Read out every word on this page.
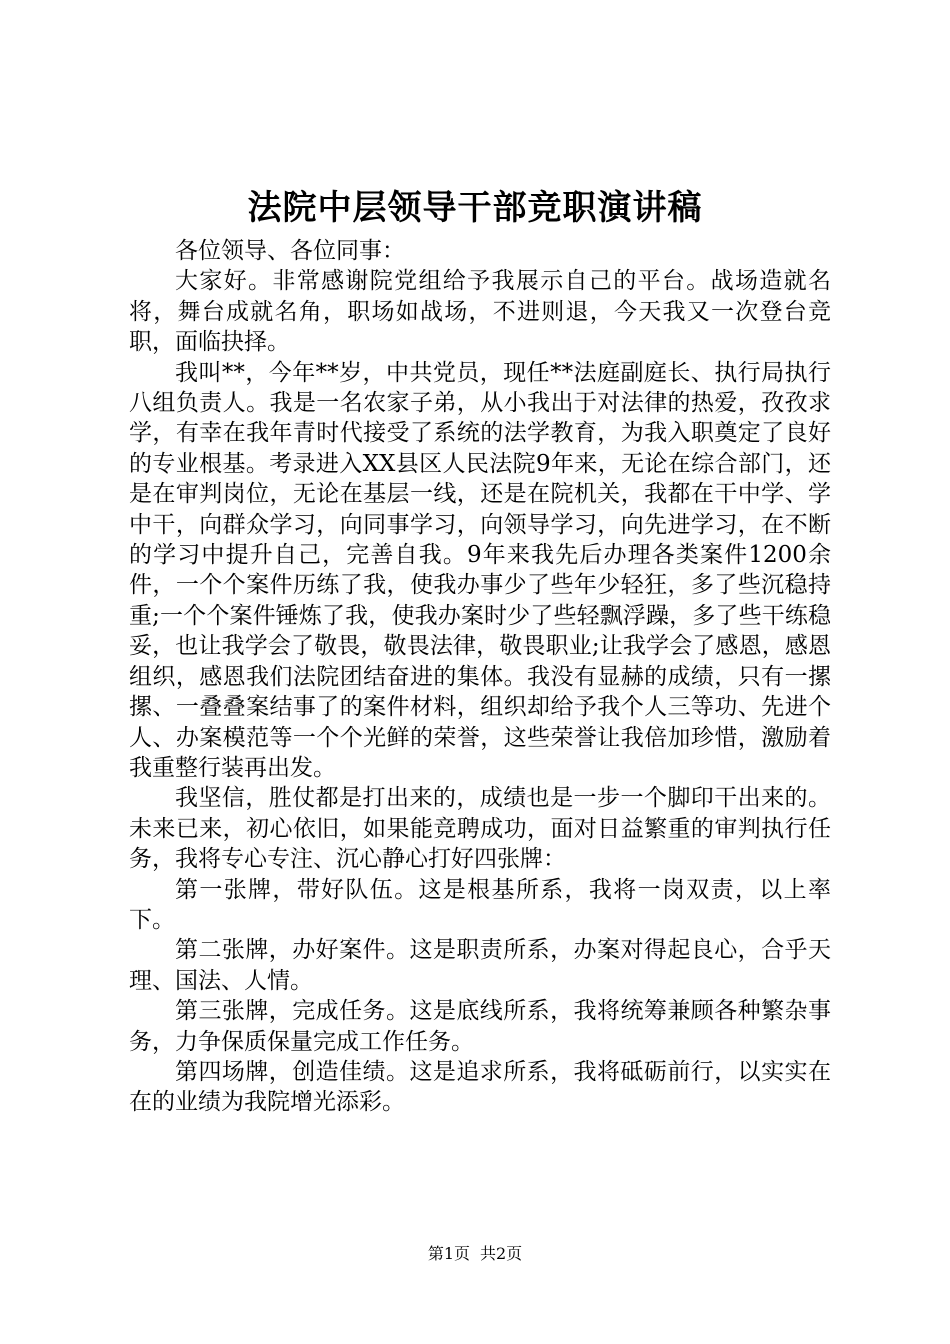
法院中层领导干部竞职演讲稿

各位领导、各位同事：

大家好。非常感谢院党组给予我展示自己的平台。战场造就名将，舞台成就名角，职场如战场，不进则退，今天我又一次登台竞职，面临抉择。

我叫**，今年**岁，中共党员，现任**法庭副庭长、执行局执行八组负责人。我是一名农家子弟，从小我出于对法律的热爱，孜孜求学，有幸在我年青时代接受了系统的法学教育，为我入职奠定了良好的专业根基。考录进入XX县区人民法院9年来，无论在综合部门，还是在审判岗位，无论在基层一线，还是在院机关，我都在干中学、学中干，向群众学习，向同事学习，向领导学习，向先进学习，在不断的学习中提升自己，完善自我。9年来我先后办理各类案件1200余件，一个个案件历练了我，使我办事少了些年少轻狂，多了些沉稳持重;一个个案件锤炼了我，使我办案时少了些轻飘浮躁，多了些干练稳妥，也让我学会了敬畏，敬畏法律，敬畏职业;让我学会了感恩，感恩组织，感恩我们法院团结奋进的集体。我没有显赫的成绩，只有一摞摞、一叠叠案结事了的案件材料，组织却给予我个人三等功、先进个人、办案模范等一个个光鲜的荣誉，这些荣誉让我倍加珍惜，激励着我重整行装再出发。

我坚信，胜仗都是打出来的，成绩也是一步一个脚印干出来的。未来已来，初心依旧，如果能竞聘成功，面对日益繁重的审判执行任务，我将专心专注、沉心静心打好四张牌：

第一张牌，带好队伍。这是根基所系，我将一岗双责，以上率下。

第二张牌，办好案件。这是职责所系，办案对得起良心，合乎天理、国法、人情。

第三张牌，完成任务。这是底线所系，我将统筹兼顾各种繁杂事务，力争保质保量完成工作任务。

第四场牌，创造佳绩。这是追求所系，我将砥砺前行，以实实在在的业绩为我院增光添彩。

第1页 共2页
